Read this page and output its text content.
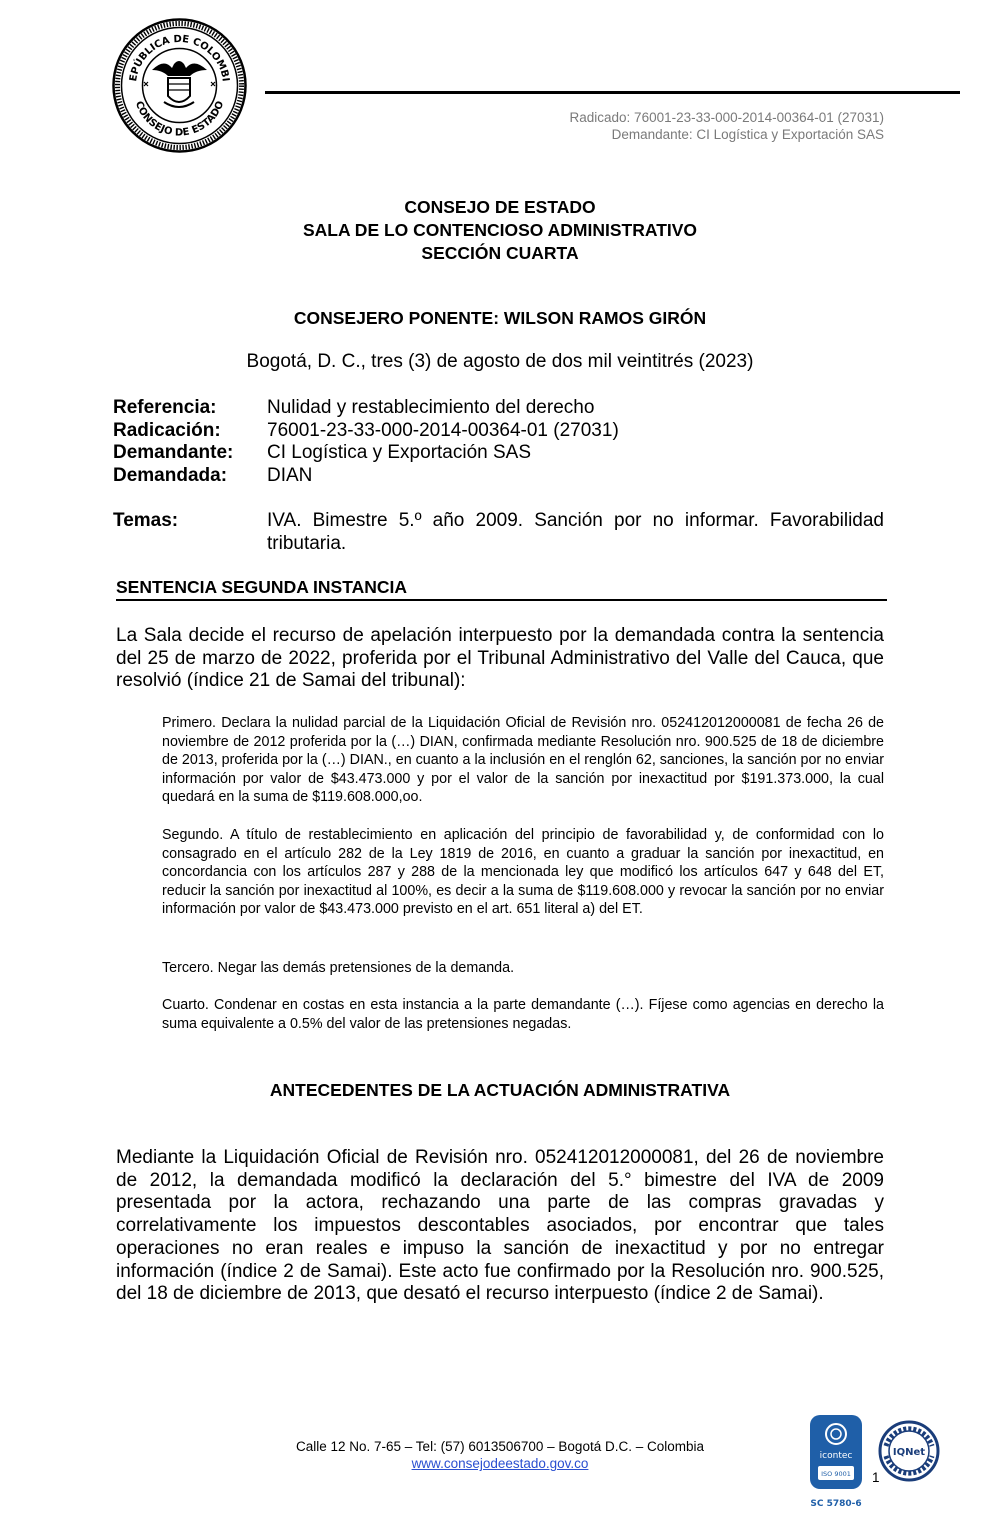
EPÚBLICA DE COLOMBI
CONSEJO DE ESTADO
Radicado: 76001-23-33-000-2014-00364-01 (27031)
Demandante: CI Logística y Exportación SAS
CONSEJO DE ESTADO
SALA DE LO CONTENCIOSO ADMINISTRATIVO
SECCIÓN CUARTA
CONSEJERO PONENTE: WILSON RAMOS GIRÓN
Bogotá, D. C., tres (3) de agosto de dos mil veintitrés (2023)
Referencia:	Nulidad y restablecimiento del derecho
Radicación:	76001-23-33-000-2014-00364-01 (27031)
Demandante:	CI Logística y Exportación SAS
Demandada:	DIAN
Temas:	IVA. Bimestre 5.º año 2009. Sanción por no informar. Favorabilidad tributaria.
SENTENCIA SEGUNDA INSTANCIA
La Sala decide el recurso de apelación interpuesto por la demandada contra la sentencia del 25 de marzo de 2022, proferida por el Tribunal Administrativo del Valle del Cauca, que resolvió (índice 21 de Samai del tribunal):
Primero. Declara la nulidad parcial de la Liquidación Oficial de Revisión nro. 052412012000081 de fecha 26 de noviembre de 2012 proferida por la (…) DIAN, confirmada mediante Resolución nro. 900.525 de 18 de diciembre de 2013, proferida por la (…) DIAN., en cuanto a la inclusión en el renglón 62, sanciones, la sanción por no enviar información por valor de $43.473.000 y por el valor de la sanción por inexactitud por $191.373.000, la cual quedará en la suma de $119.608.000,oo.
Segundo. A título de restablecimiento en aplicación del principio de favorabilidad y, de conformidad con lo consagrado en el artículo 282 de la Ley 1819 de 2016, en cuanto a graduar la sanción por inexactitud, en concordancia con los artículos 287 y 288 de la mencionada ley que modificó los artículos 647 y 648 del ET, reducir la sanción por inexactitud al 100%, es decir a la suma de $119.608.000 y revocar la sanción por no enviar información por valor de $43.473.000 previsto en el art. 651 literal a) del ET.
Tercero. Negar las demás pretensiones de la demanda.
Cuarto. Condenar en costas en esta instancia a la parte demandante (…). Fíjese como agencias en derecho la suma equivalente a 0.5% del valor de las pretensiones negadas.
ANTECEDENTES DE LA ACTUACIÓN ADMINISTRATIVA
Mediante la Liquidación Oficial de Revisión nro. 052412012000081, del 26 de noviembre de 2012, la demandada modificó la declaración del 5.° bimestre del IVA de 2009 presentada por la actora, rechazando una parte de las compras gravadas y correlativamente los impuestos descontables asociados, por encontrar que tales operaciones no eran reales e impuso la sanción de inexactitud y por no entregar información (índice 2 de Samai). Este acto fue confirmado por la Resolución nro. 900.525, del 18 de diciembre de 2013, que desató el recurso interpuesto (índice 2 de Samai).
Calle 12 No. 7-65 – Tel: (57) 6013506700 – Bogotá D.C. – Colombia
www.consejodeestado.gov.co	icontec
ISO 9001
SC 5780-6
IQNet
1
